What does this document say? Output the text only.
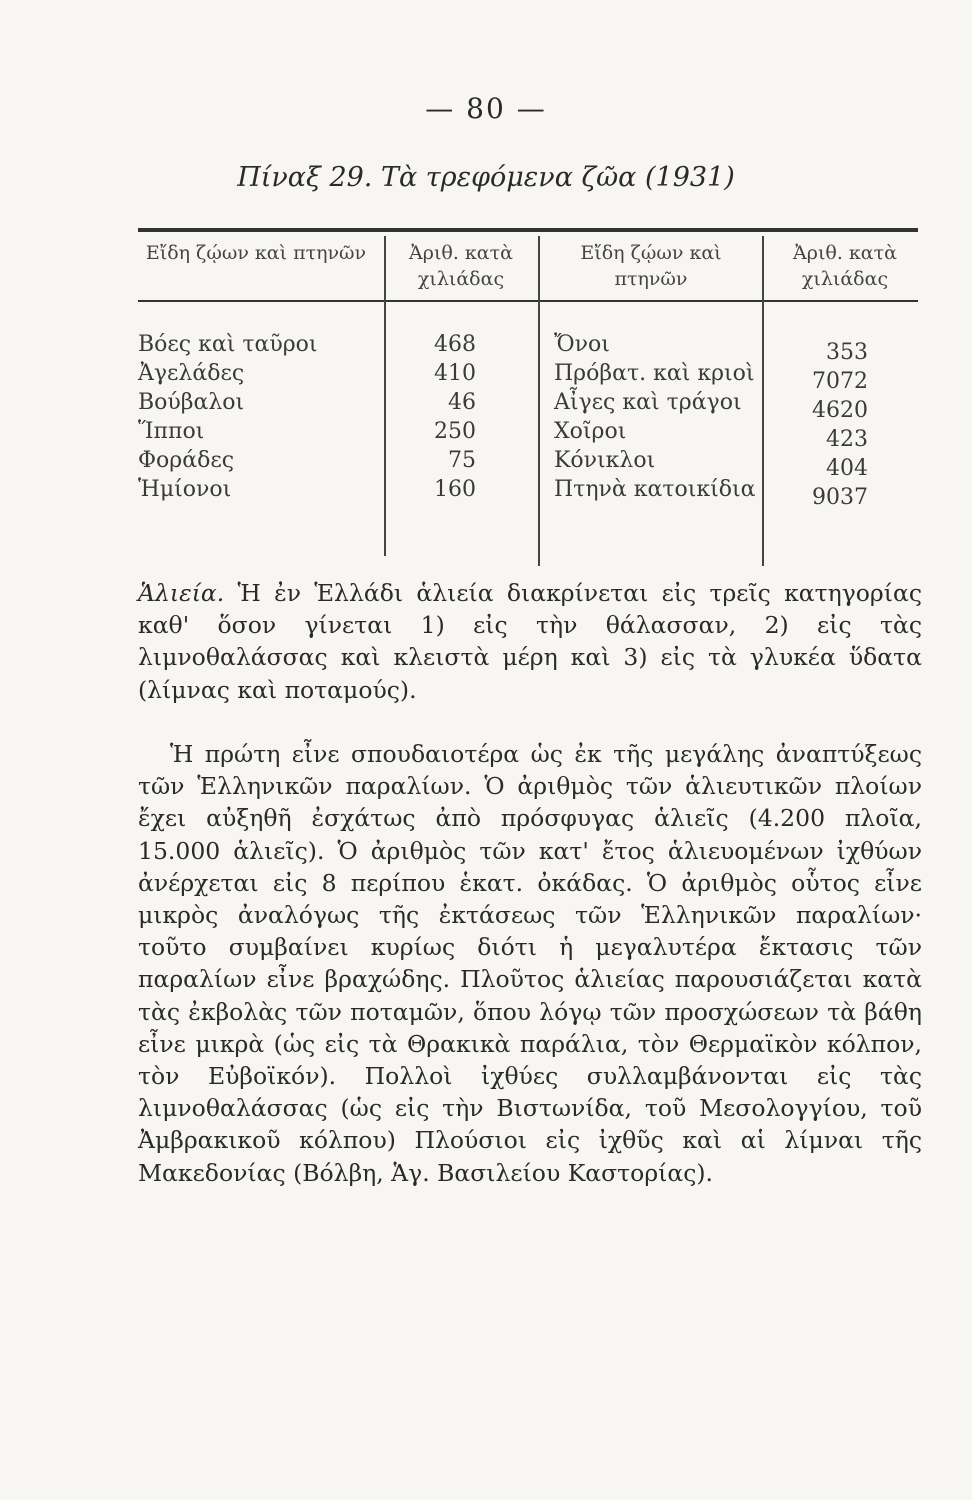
— 80 —
Πίναξ 29. Τὰ τρεφόμενα ζῶα (1931)
Εἴδη ζῴων καὶ πτηνῶν	Ἀριθ. κατὰ χιλιάδας
Εἴδη ζῴων καὶ πτηνῶν
Ἀριθ. κατὰ χιλιάδας
Βόες καὶ ταῦροι
Ἀγελάδες
Βούβαλοι
Ἵπποι
Φοράδες
Ἡμίονοι
468
410
46
250
75
160
Ὄνοι
Πρόβατ. καὶ κριοὶ
Αἶγες καὶ τράγοι
Χοῖροι
Κόνικλοι
Πτηνὰ κατοικίδια
353
7072
4620
423
404
9037
Ἁλιεία. Ἡ ἐν Ἑλλάδι ἁλιεία διακρίνεται εἰς τρεῖς κατηγορίας καθ' ὅσον γίνεται 1) εἰς τὴν θάλασσαν, 2) εἰς τὰς λιμνοθαλάσσας καὶ κλειστὰ μέρη καὶ 3) εἰς τὰ γλυκέα ὕδατα (λίμνας καὶ ποταμούς).
Ἡ πρώτη εἶνε σπουδαιοτέρα ὡς ἐκ τῆς μεγάλης ἀναπτύξεως τῶν Ἑλληνικῶν παραλίων. Ὁ ἀριθμὸς τῶν ἁλιευτικῶν πλοίων ἔχει αὐξηθῆ ἐσχάτως ἀπὸ πρόσφυγας ἁλιεῖς (4.200 πλοῖα, 15.000 ἁλιεῖς). Ὁ ἀριθμὸς τῶν κατ' ἔτος ἁλιευομένων ἰχθύων ἀνέρχεται εἰς 8 περίπου ἑκατ. ὀκάδας. Ὁ ἀριθμὸς οὗτος εἶνε μικρὸς ἀναλόγως τῆς ἐκτάσεως τῶν Ἑλληνικῶν παραλίων· τοῦτο συμβαίνει κυρίως διότι ἡ μεγαλυτέρα ἔκτασις τῶν παραλίων εἶνε βραχώδης. Πλοῦτος ἁλιείας παρουσιάζεται κατὰ τὰς ἐκβολὰς τῶν ποταμῶν, ὅπου λόγῳ τῶν προσχώσεων τὰ βάθη εἶνε μικρὰ (ὡς εἰς τὰ Θρακικὰ παράλια, τὸν Θερμαϊκὸν κόλπον, τὸν Εὐβοϊκόν). Πολλοὶ ἰχθύες συλλαμβάνονται εἰς τὰς λιμνοθαλάσσας (ὡς εἰς τὴν Βιστωνίδα, τοῦ Μεσολογγίου, τοῦ Ἀμβρακικοῦ κόλπου) Πλούσιοι εἰς ἰχθῦς καὶ αἱ λίμναι τῆς Μακεδονίας (Βόλβη, Ἁγ. Βασιλείου Καστορίας).
